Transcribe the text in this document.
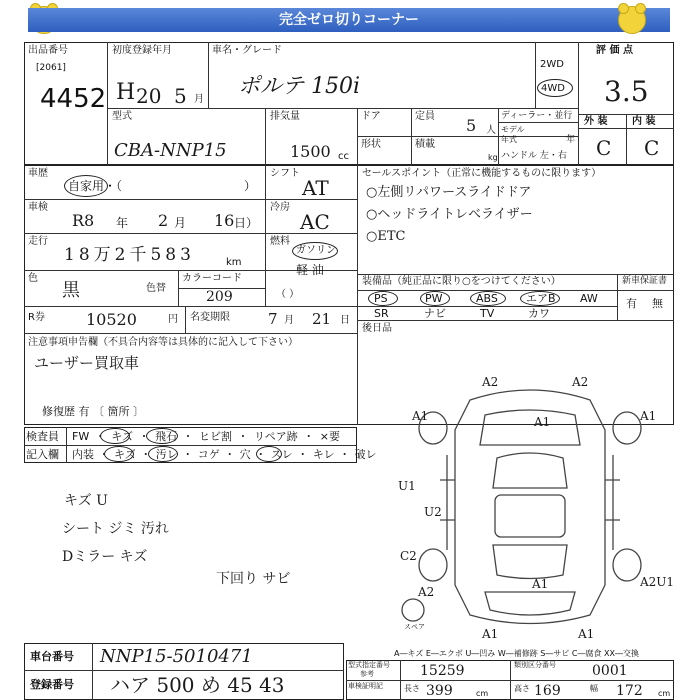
完全ゼロ切りコーナー
出品番号
[2061]
4452
初度登録年月
H 20 5 月
車名・グレード
ポルテ 150i
2WD
4WD
評 価 点
3.5
外 装 内 装
C C
型式
CBA-NNP15
排気量
1500 cc
ドア	定員 5 人
形状	積載
kg
ディーラー・並行
モデル
年式	年
ハンドル 左・右
車歴
自家用・（	）
シフト
AT
車検
R8 年 2 月 16 日）
冷房
AC
走行
18万2千583	km
燃料
ガソリン
軽 油
（ ）
色
黒	色替
カラーコード
209
R券	10520	円 名変期限	7 月 21 日
注意事項申告欄（不具合内容等は具体的に記入して下さい）
ユーザー買取車
修復歴 有 〔 箇所 〕
セールスポイント（正常に機能するものに限ります）
○左側リパワースライドドア
○ヘッドライトレベライザー
○ETC
装備品（純正品に限り○をつけてください）	新車保証書
PS	PW	ABS	エアB AW
SR	ナビ	TV	カワ
有 無
後日品
検査員
記入欄
FW ・ キズ ・ 飛石 ・ ヒビ割 ・ リペア跡 ・ ×要
内装 ・ キズ ・ 汚レ ・ コゲ ・ 穴 ・ スレ ・ キレ ・ 破レ
キズ U
シート ジミ 汚れ
Dミラー キズ
下回り サビ
A2	A2
A1	A1	A1
U1
U2
C2
A2
A1	A2U1
A1	A1
スペア
A―キズ E―エクボ U―凹み W―補修跡 S―サビ C―腐食 XX―交換
車台番号 NNP15-5010471
登録番号 ハア 500 め 45 43
型式指定番号
参考	15259	類別区分番号	0001
車検証明記	長さ 399	cm
高さ 169	幅 172 cm
